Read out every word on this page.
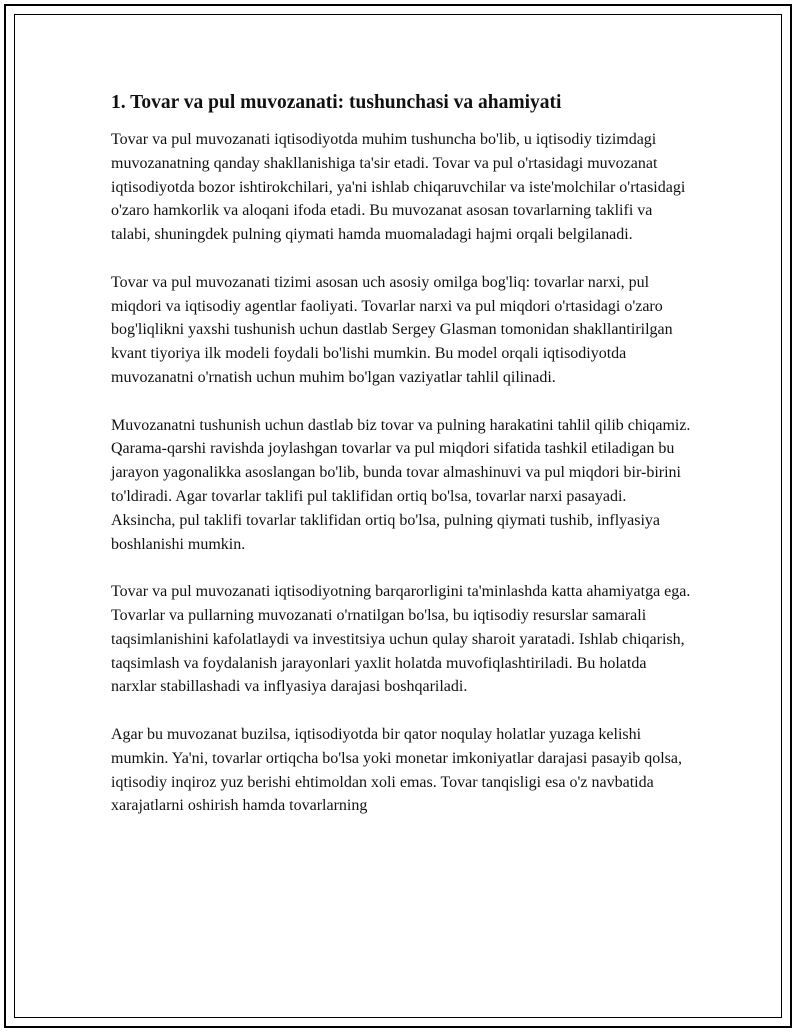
1. Tovar va pul muvozanati: tushunchasi va ahamiyati

Tovar va pul muvozanati iqtisodiyotda muhim tushuncha bo'lib, u iqtisodiy tizimdagi muvozanatning qanday shakllanishiga ta'sir etadi. Tovar va pul o'rtasidagi muvozanat iqtisodiyotda bozor ishtirokchilari, ya'ni ishlab chiqaruvchilar va iste'molchilar o'rtasidagi o'zaro hamkorlik va aloqani ifoda etadi. Bu muvozanat asosan tovarlarning taklifi va talabi, shuningdek pulning qiymati hamda muomaladagi hajmi orqali belgilanadi.

Tovar va pul muvozanati tizimi asosan uch asosiy omilga bog'liq: tovarlar narxi, pul miqdori va iqtisodiy agentlar faoliyati. Tovarlar narxi va pul miqdori o'rtasidagi o'zaro bog'liqlikni yaxshi tushunish uchun dastlab Sergey Glasman tomonidan shakllantirilgan kvant tiyoriya ilk modeli foydali bo'lishi mumkin. Bu model orqali iqtisodiyotda muvozanatni o'rnatish uchun muhim bo'lgan vaziyatlar tahlil qilinadi.

Muvozanatni tushunish uchun dastlab biz tovar va pulning harakatini tahlil qilib chiqamiz. Qarama-qarshi ravishda joylashgan tovarlar va pul miqdori sifatida tashkil etiladigan bu jarayon yagonalikka asoslangan bo'lib, bunda tovar almashinuvi va pul miqdori bir-birini to'ldiradi. Agar tovarlar taklifi pul taklifidan ortiq bo'lsa, tovarlar narxi pasayadi. Aksincha, pul taklifi tovarlar taklifidan ortiq bo'lsa, pulning qiymati tushib, inflyasiya boshlanishi mumkin.

Tovar va pul muvozanati iqtisodiyotning barqarorligini ta'minlashda katta ahamiyatga ega. Tovarlar va pullarning muvozanati o'rnatilgan bo'lsa, bu iqtisodiy resurslar samarali taqsimlanishini kafolatlaydi va investitsiya uchun qulay sharoit yaratadi. Ishlab chiqarish, taqsimlash va foydalanish jarayonlari yaxlit holatda muvofiqlashtiriladi. Bu holatda narxlar stabillashadi va inflyasiya darajasi boshqariladi.

Agar bu muvozanat buzilsa, iqtisodiyotda bir qator noqulay holatlar yuzaga kelishi mumkin. Ya'ni, tovarlar ortiqcha bo'lsa yoki monetar imkoniyatlar darajasi pasayib qolsa, iqtisodiy inqiroz yuz berishi ehtimoldan xoli emas. Tovar tanqisligi esa o'z navbatida xarajatlarni oshirish hamda tovarlarning
